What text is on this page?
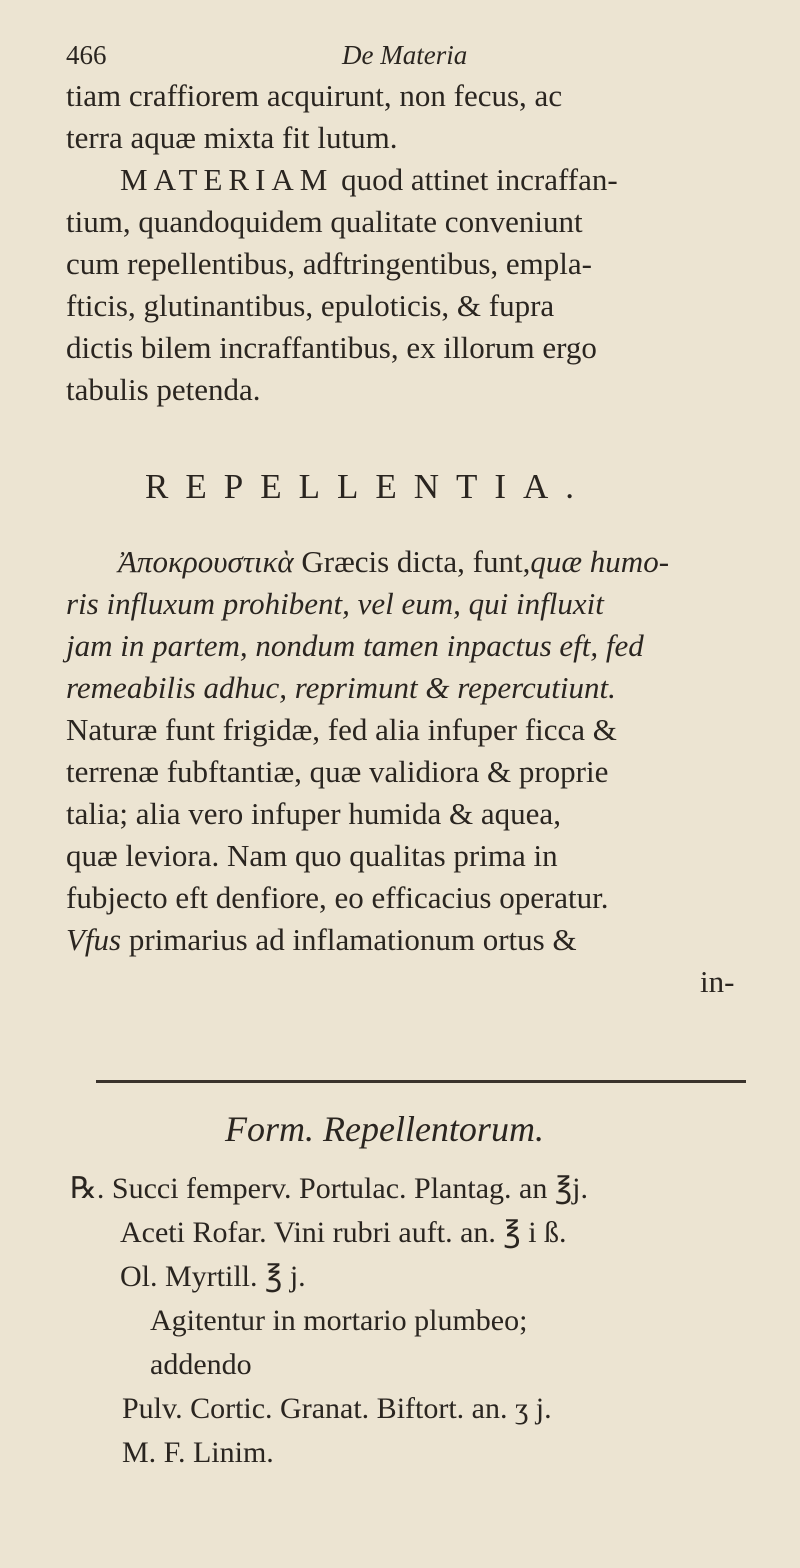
466	De Materia
tiam craffiorem acquirunt, non fecus, ac
terra aquæ mixta fit lutum.
MATERIAM quod attinet incraffan-
tium, quandoquidem qualitate conveniunt
cum repellentibus, adftringentibus, empla-
fticis, glutinantibus, epuloticis, & fupra
dictis bilem incraffantibus, ex illorum ergo
tabulis petenda.
REPELLENTIA.
Ἀποκρουστικὰ Græcis dicta, funt,quæ humo-
ris influxum prohibent, vel eum, qui influxit
jam in partem, nondum tamen inpactus eft, fed
remeabilis adhuc, reprimunt & repercutiunt.
Naturæ funt frigidæ, fed alia infuper ficca &
terrenæ fubftantiæ, quæ validiora & proprie
talia; alia vero infuper humida & aquea,
quæ leviora. Nam quo qualitas prima in
fubjecto eft denfiore, eo efficacius operatur.
Vfus primarius ad inflamationum ortus &
in-
Form. Repellentorum.
℞. Succi femperv. Portulac. Plantag. an ℥j.
Aceti Rofar. Vini rubri auft. an. ℥ i ß.
Ol. Myrtill. ℥ j.
Agitentur in mortario plumbeo;
addendo
Pulv. Cortic. Granat. Biftort. an. ʒ j.
M. F. Linim.
